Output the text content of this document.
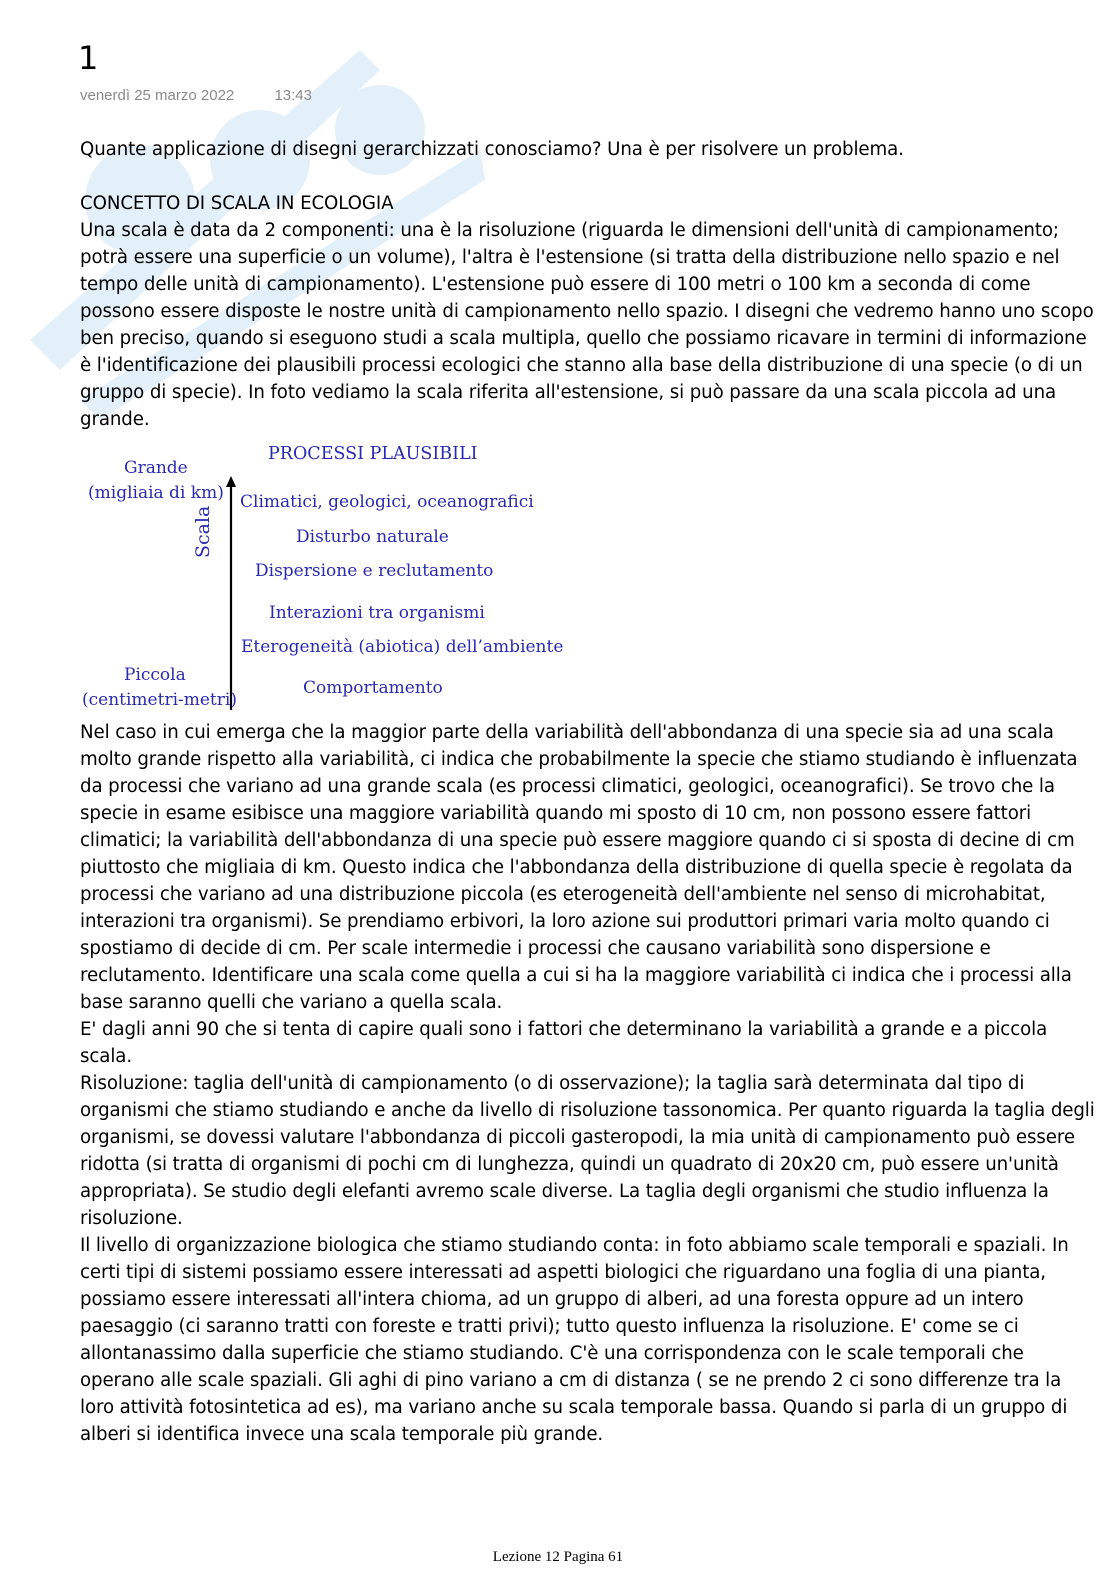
1
venerdì 25 marzo 2022	13:43

Quante applicazione di disegni gerarchizzati conosciamo? Una è per risolvere un problema.

CONCETTO DI SCALA IN ECOLOGIA

Una scala è data da 2 componenti: una è la risoluzione (riguarda le dimensioni dell'unità di campionamento; potrà essere una superficie o un volume), l'altra è l'estensione (si tratta della distribuzione nello spazio e nel tempo delle unità di campionamento). L'estensione può essere di 100 metri o 100 km a seconda di come possono essere disposte le nostre unità di campionamento nello spazio. I disegni che vedremo hanno uno scopo ben preciso, quando si eseguono studi a scala multipla, quello che possiamo ricavare in termini di informazione è l'identificazione dei plausibili processi ecologici che stanno alla base della distribuzione di una specie (o di un gruppo di specie). In foto vediamo la scala riferita all'estensione, si può passare da una scala piccola ad una grande.

PROCESSI PLAUSIBILI
Grande
(migliaia di km)
Piccola
(centimetri-metri)
Scala
Climatici, geologici, oceanografici
Disturbo naturale
Dispersione e reclutamento
Interazioni tra organismi
Eterogeneità (abiotica) dell’ambiente
Comportamento

Nel caso in cui emerga che la maggior parte della variabilità dell'abbondanza di una specie sia ad una scala molto grande rispetto alla variabilità, ci indica che probabilmente la specie che stiamo studiando è influenzata da processi che variano ad una grande scala (es processi climatici, geologici, oceanografici). Se trovo che la specie in esame esibisce una maggiore variabilità quando mi sposto di 10 cm, non possono essere fattori climatici; la variabilità dell'abbondanza di una specie può essere maggiore quando ci si sposta di decine di cm piuttosto che migliaia di km. Questo indica che l'abbondanza della distribuzione di quella specie è regolata da processi che variano ad una distribuzione piccola (es eterogeneità dell'ambiente nel senso di microhabitat, interazioni tra organismi). Se prendiamo erbivori, la loro azione sui produttori primari varia molto quando ci spostiamo di decide di cm. Per scale intermedie i processi che causano variabilità sono dispersione e reclutamento. Identificare una scala come quella a cui si ha la maggiore variabilità ci indica che i processi alla base saranno quelli che variano a quella scala.

E' dagli anni 90 che si tenta di capire quali sono i fattori che determinano la variabilità a grande e a piccola scala.

Risoluzione: taglia dell'unità di campionamento (o di osservazione); la taglia sarà determinata dal tipo di organismi che stiamo studiando e anche da livello di risoluzione tassonomica. Per quanto riguarda la taglia degli organismi, se dovessi valutare l'abbondanza di piccoli gasteropodi, la mia unità di campionamento può essere ridotta (si tratta di organismi di pochi cm di lunghezza, quindi un quadrato di 20x20 cm, può essere un'unità appropriata). Se studio degli elefanti avremo scale diverse. La taglia degli organismi che studio influenza la risoluzione.

Il livello di organizzazione biologica che stiamo studiando conta: in foto abbiamo scale temporali e spaziali. In certi tipi di sistemi possiamo essere interessati ad aspetti biologici che riguardano una foglia di una pianta, possiamo essere interessati all'intera chioma, ad un gruppo di alberi, ad una foresta oppure ad un intero paesaggio (ci saranno tratti con foreste e tratti privi); tutto questo influenza la risoluzione. E' come se ci allontanassimo dalla superficie che stiamo studiando. C'è una corrispondenza con le scale temporali che operano alle scale spaziali. Gli aghi di pino variano a cm di distanza ( se ne prendo 2 ci sono differenze tra la loro attività fotosintetica ad es), ma variano anche su scala temporale bassa. Quando si parla di un gruppo di alberi si identifica invece una scala temporale più grande.

Lezione 12 Pagina 61
